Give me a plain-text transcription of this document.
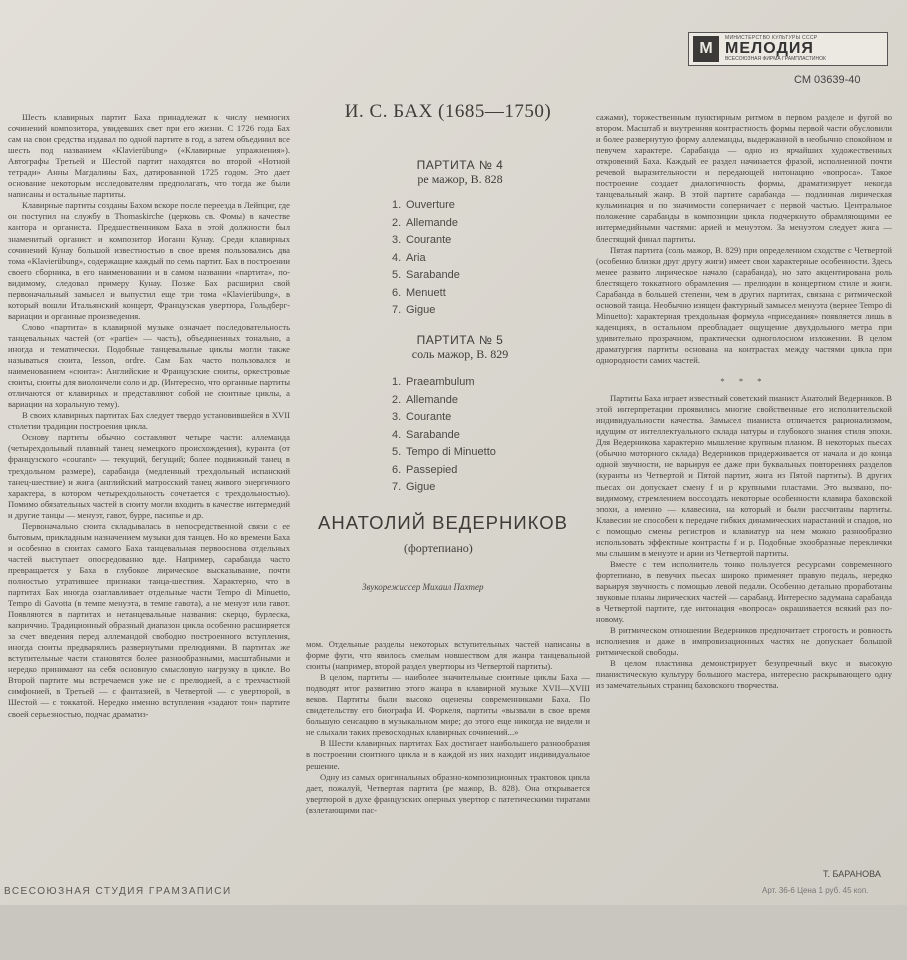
М
МИНИСТЕРСТВО КУЛЬТУРЫ СССР
МЕЛОДИЯ
ВСЕСОЮЗНАЯ ФИРМА ГРАМПЛАСТИНОК
СМ 03639-40

Шесть клавирных партит Баха принадлежат к числу немногих сочинений композитора, увидевших свет при его жизни. С 1726 года Бах сам на свои средства издавал по одной партите в год, а затем объединил все шесть под названием «Klavierübung» («Клавирные упражнения»). Автографы Третьей и Шестой партит находятся во второй «Нотной тетради» Анны Магдалины Бах, датированной 1725 годом. Это дает основание некоторым исследователям предполагать, что тогда же были написаны и остальные партиты.

Клавирные партиты созданы Бахом вскоре после переезда в Лейпциг, где он поступил на службу в Thomaskirche (церковь св. Фомы) в качестве кантора и органиста. Предшественником Баха в этой должности был знаменитый органист и композитор Иоганн Кунау. Среди клавирных сочинений Кунау большой известностью в свое время пользовались два тома «Klavierübung», содержащие каждый по семь партит. Бах в построении своего сборника, в его наименовании и в самом названии «партита», по-видимому, следовал примеру Кунау. Позже Бах расширил свой первоначальный замысел и выпустил еще три тома «Klavierübung», в который вошли Итальянский концерт, Французская увертюра, Гольдберг-вариации и органные произведения.

Слово «партита» в клавирной музыке означает последовательность танцевальных частей (от «partie» — часть), объединенных тонально, а иногда и тематически. Подобные танцевальные циклы могли также называться сюита, lesson, ordre. Сам Бах часто пользовался и наименованием «сюита»: Английские и Французские сюиты, оркестровые сюиты, сюиты для виолончели соло и др. (Интересно, что органные партиты отличаются от клавирных и представляют собой не сюитные циклы, а вариации на хоральную тему).

В своих клавирных партитах Бах следует твердо установившейся в XVII столетии традиции построения цикла.

Основу партиты обычно составляют четыре части: аллеманда (четырехдольный плавный танец немецкого происхождения), куранта (от французского «courant» — текущий, бегущий; более подвижный танец в трехдольном размере), сарабанда (медленный трехдольный испанский танец-шествие) и жига (английский матросский танец живого энергичного характера, в котором четырехдольность сочетается с трехдольностью). Помимо обязательных частей в сюиту могли входить в качестве интермедий и другие танцы — менуэт, гавот, бурре, пасипье и др.

Первоначально сюита складывалась в непосредственной связи с ее бытовым, прикладным назначением музыки для танцев. Но ко времени Баха и особенно в сюитах самого Баха танцевальная первооснова отдельных частей выступает опосредованно вде. Например, сарабанда часто превращается у Баха в глубокое лирическое высказывание, почти полностью утратившее признаки танца-шествия. Характерно, что в партитах Бах иногда озаглавливает отдельные части Tempo di Minuetto, Tempo di Gavotta (в темпе менуэта, в темпе гавота), а не менуэт или гавот. Появляются в партитах и нетанцевальные названия: скерцо, бурлеска, каприччио. Традиционный образный диапазон цикла особенно расширяется за счет введения перед аллемандой свободно построенного вступления, иногда сюиты предварялись развернутыми прелюдиями. В партитах же вступительные части становятся более разнообразными, масштабными и нередко принимают на себя основную смысловую нагрузку в цикле. Во Второй партите мы встречаемся уже не с прелюдией, а с трехчастной симфонией, в Третьей — с фантазией, в Четвертой — с увертюрой, в Шестой — с токкатой. Нередко именно вступления «задают тон» партите своей серьезностью, подчас драматиз-

И. С. БАХ (1685—1750)
ПАРТИТА № 4
ре мажор, B. 828
1. Ouverture
2. Allemande
3. Courante
4. Aria
5. Sarabande
6. Menuett
7. Gigue
ПАРТИТА № 5
соль мажор, B. 829
1. Praeambulum
2. Allemande
3. Courante
4. Sarabande
5. Tempo di Minuetto
6. Passepied
7. Gigue
АНАТОЛИЙ ВЕДЕРНИКОВ
(фортепиано)
Звукорежиссер Михаил Пахтер

мом. Отдельные разделы некоторых вступительных частей написаны в форме фуги, что явилось смелым новшеством для жанра танцевальной сюиты (например, второй раздел увертюры из Четвертой партиты).

В целом, партиты — наиболее значительные сюитные циклы Баха — подводят итог развитию этого жанра в клавирной музыке XVII—XVIII веков. Партиты были высоко оценены современниками Баха. По свидетельству его биографа И. Форкеля, партиты «вызвали в свое время большую сенсацию в музыкальном мире; до этого еще никогда не видели и не слыхали таких превосходных клавирных сочинений...»

В Шести клавирных партитах Бах достигает наибольшего разнообразия в построении сюитного цикла и в каждой из них находит индивидуальное решение.

Одну из самых оригинальных образно-композиционных трактовок цикла дает, пожалуй, Четвертая партита (ре мажор, B. 828). Она открывается увертюрой в духе французских оперных увертюр с патетическими тиратами (взлетающими пас-

сажами), торжественным пунктирным ритмом в первом разделе и фугой во втором. Масштаб и внутренняя контрастность формы первой части обусловили и более развернутую форму аллеманды, выдержанной в необычно спокойном и певучем характере. Сарабанда — одно из ярчайших художественных откровений Баха. Каждый ее раздел начинается фразой, исполненной почти речевой выразительности и передающей интонацию «вопроса». Такое построение создает диалогичность формы, драматизирует некогда танцевальный жанр. В этой партите сарабанда — подлинная лирическая кульминация и по значимости соперничает с первой частью. Центральное положение сарабанды в композиции цикла подчеркнуто обрамляющими ее интермедийными частями: арией и менуэтом. За менуэтом следует жига — блестящий финал партиты.

Пятая партита (соль мажор, B. 829) при определенном сходстве с Четвертой (особенно близки друг другу жиги) имеет свои характерные особенности. Здесь менее развито лирическое начало (сарабанда), но зато акцентирована роль блестящего токкатного обрамления — прелюдии в концертном стиле и жиги. Сарабанда в большей степени, чем в других партитах, связана с ритмической основой танца. Необычно изящен фактурный замысел менуэта (вернее Tempo di Minuetto): характерная трехдольная формула «приседания» появляется лишь в каденциях, в остальном преобладает ощущение двухдольного метра при удивительно прозрачном, практически одноголосном изложении. В целом драматургия партиты основана на контрастах между частями цикла при однородности самих частей.

* * *

Партиты Баха играет известный советский пианист Анатолий Ведерников. В этой интерпретации проявились многие свойственные его исполнительской индивидуальности качества. Замысел пианиста отличается рационализмом, идущим от интеллектуального склада натуры и глубокого знания стиля эпохи. Для Ведерникова характерно мышление крупным планом. В некоторых пьесах (обычно моторного склада) Ведерников придерживается от начала и до конца одной звучности, не варьируя ее даже при буквальных повторениях разделов (куранты из Четвертой и Пятой партит, жига из Пятой партиты). В других пьесах он допускает смену f и p крупными пластами. Это вызвано, по-видимому, стремлением воссоздать некоторые особенности клавира баховской эпохи, а именно — клавесина, на который и были рассчитаны партиты. Клавесин не способен к передаче гибких динамических нарастаний и спадов, но с помощью смены регистров и клавиатур на нем можно разнообразно использовать эффектные контрасты f и p. Подобные эхообразные переклички мы слышим в менуэте и арии из Четвертой партиты.

Вместе с тем исполнитель тонко пользуется ресурсами современного фортепиано, в певучих пьесах широко применяет правую педаль, нередко варьируя звучность с помощью левой педали. Особенно детально проработаны звуковые планы лирических частей — сарабанд. Интересно задумана сарабанда в Четвертой партите, где интонация «вопроса» окрашивается всякий раз по-новому.

В ритмическом отношении Ведерников предпочитает строгость и ровность исполнения и даже в импровизационных частях не допускает большой ритмической свободы.

В целом пластинка демонстрирует безупречный вкус и высокую пианистическую культуру большого мастера, интересно раскрывающего одну из замечательных страниц баховского творчества.

Т. БАРАНОВА
ВСЕСОЮЗНАЯ СТУДИЯ ГРАМЗАПИСИ	Арт. 36-6 Цена 1 руб. 45 коп.
